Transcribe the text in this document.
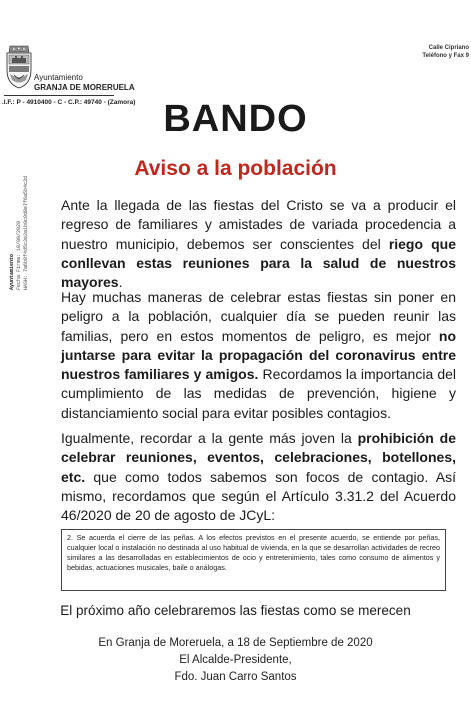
Ayuntamiento
GRANJA DE MORERUELA
.I.F.: P - 4910400 - C - C.P.: 49740 - (Zamora)
Calle Cipriano
Teléfono y Fax 9
Ayuntamiento Fecha Firma: 18/09/2020 HASH: 7a6b8f4d5c3e2a1b0c9d8e7f6a5b4c3d
BANDO
Aviso a la población
Ante la llegada de las fiestas del Cristo se va a producir el regreso de familiares y amistades de variada procedencia a nuestro municipio, debemos ser conscientes del riego que conllevan estas reuniones para la salud de nuestros mayores.
Hay muchas maneras de celebrar estas fiestas sin poner en peligro a la población, cualquier día se pueden reunir las familias, pero en estos momentos de peligro, es mejor no juntarse para evitar la propagación del coronavirus entre nuestros familiares y amigos. Recordamos la importancia del cumplimiento de las medidas de prevención, higiene y distanciamiento social para evitar posibles contagios.
Igualmente, recordar a la gente más joven la prohibición de celebrar reuniones, eventos, celebraciones, botellones, etc. que como todos sabemos son focos de contagio. Así mismo, recordamos que según el Artículo 3.31.2 del Acuerdo 46/2020 de 20 de agosto de JCyL:
2. Se acuerda el cierre de las peñas. A los efectos previstos en el presente acuerdo, se entiende por peñas, cualquier local o instalación no destinada al uso habitual de vivienda, en la que se desarrollan actividades de recreo similares a las desarrolladas en establecimientos de ocio y entretenimiento, tales como consumo de alimentos y bebidas, actuaciones musicales, baile o análogas.
El próximo año celebraremos las fiestas como se merecen
En Granja de Moreruela, a 18 de Septiembre de 2020
El Alcalde-Presidente,
Fdo. Juan Carro Santos
